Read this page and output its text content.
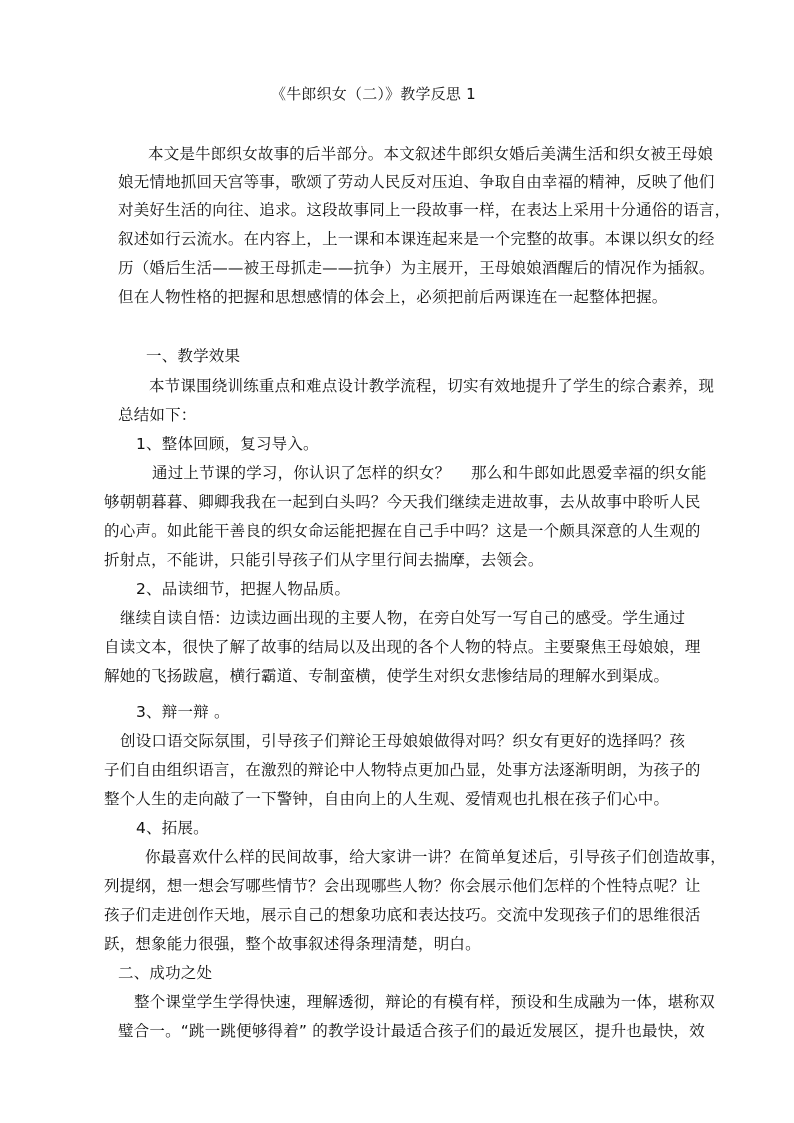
《牛郎织女（二）》教学反思 1
本文是牛郎织女故事的后半部分。本文叙述牛郎织女婚后美满生活和织女被王母娘
娘无情地抓回天宫等事，歌颂了劳动人民反对压迫、争取自由幸福的精神，反映了他们
对美好生活的向往、追求。这段故事同上一段故事一样，在表达上采用十分通俗的语言，
叙述如行云流水。在内容上，上一课和本课连起来是一个完整的故事。本课以织女的经
历（婚后生活——被王母抓走——抗争）为主展开，王母娘娘酒醒后的情况作为插叙。
但在人物性格的把握和思想感情的体会上，必须把前后两课连在一起整体把握。
一、教学效果
本节课围绕训练重点和难点设计教学流程，切实有效地提升了学生的综合素养，现
总结如下：
1、整体回顾，复习导入。
通过上节课的学习，你认识了怎样的织女？　 那么和牛郎如此恩爱幸福的织女能
够朝朝暮暮、卿卿我我在一起到白头吗？今天我们继续走进故事，去从故事中聆听人民
的心声。如此能干善良的织女命运能把握在自己手中吗？这是一个颇具深意的人生观的
折射点，不能讲，只能引导孩子们从字里行间去揣摩，去领会。
2、品读细节，把握人物品质。
继续自读自悟：边读边画出现的主要人物，在旁白处写一写自己的感受。学生通过
自读文本，很快了解了故事的结局以及出现的各个人物的特点。主要聚焦王母娘娘，理
解她的飞扬跋扈，横行霸道、专制蛮横，使学生对织女悲惨结局的理解水到渠成。
3、辩一辩 。
创设口语交际氛围，引导孩子们辩论王母娘娘做得对吗？织女有更好的选择吗？孩
子们自由组织语言，在激烈的辩论中人物特点更加凸显，处事方法逐渐明朗，为孩子的
整个人生的走向敲了一下警钟，自由向上的人生观、爱情观也扎根在孩子们心中。
4、拓展。
你最喜欢什么样的民间故事，给大家讲一讲？在简单复述后，引导孩子们创造故事，
列提纲，想一想会写哪些情节？会出现哪些人物？你会展示他们怎样的个性特点呢？让
孩子们走进创作天地，展示自己的想象功底和表达技巧。交流中发现孩子们的思维很活
跃，想象能力很强，整个故事叙述得条理清楚，明白。
二、成功之处
整个课堂学生学得快速，理解透彻，辩论的有模有样，预设和生成融为一体，堪称双
璧合一。“跳一跳便够得着” 的教学设计最适合孩子们的最近发展区，提升也最快，效
